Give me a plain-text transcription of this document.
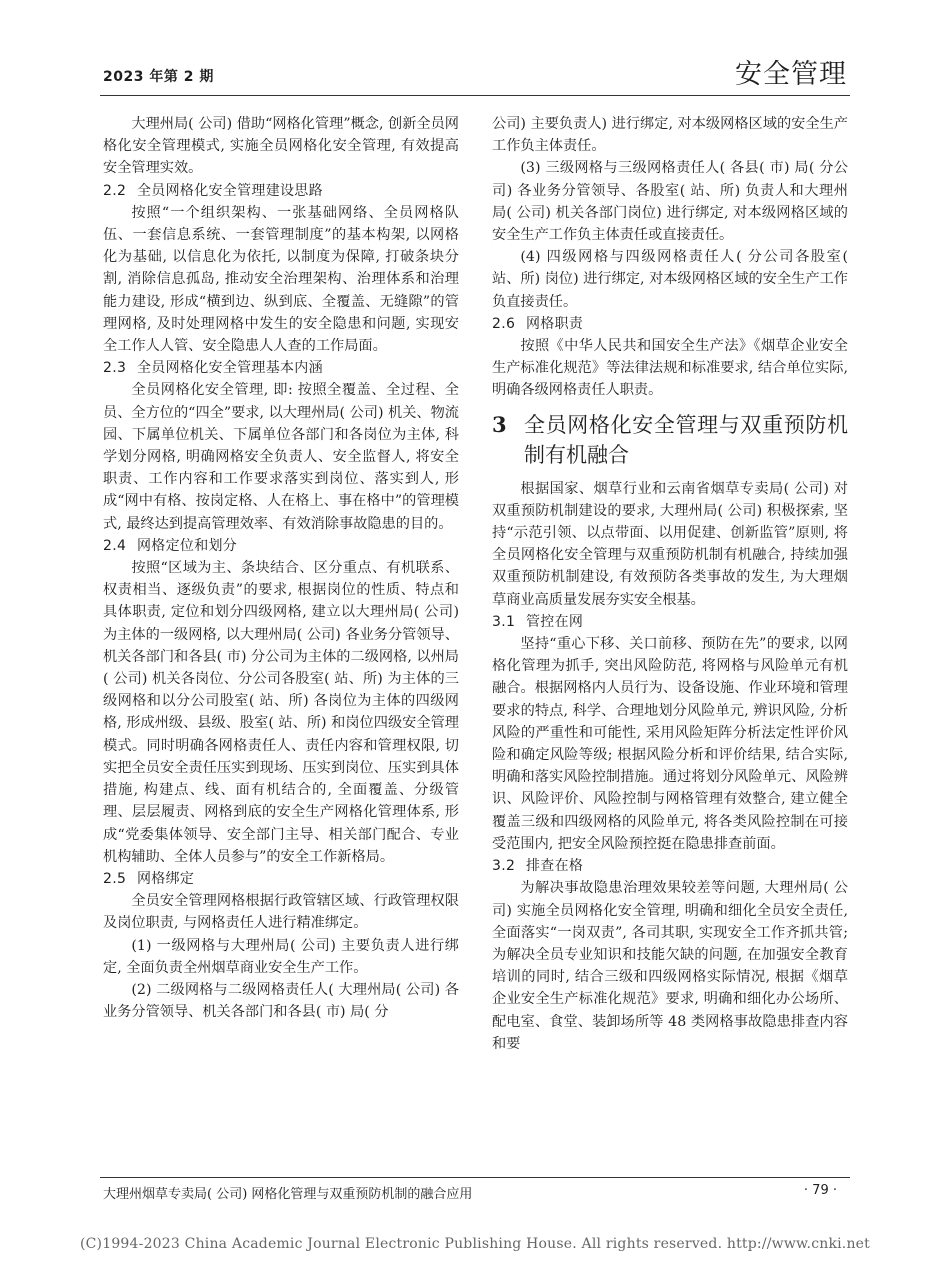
2023 年第 2 期	安全管理

大理州局( 公司) 借助“网格化管理”概念, 创新全员网格化安全管理模式, 实施全员网格化安全管理, 有效提高安全管理实效。

2.2 全员网格化安全管理建设思路

按照“一个组织架构、一张基础网络、全员网格队伍、一套信息系统、一套管理制度”的基本构架, 以网格化为基础, 以信息化为依托, 以制度为保障, 打破条块分割, 消除信息孤岛, 推动安全治理架构、治理体系和治理能力建设, 形成“横到边、纵到底、全覆盖、无缝隙”的管理网格, 及时处理网格中发生的安全隐患和问题, 实现安全工作人人管、安全隐患人人查的工作局面。

2.3 全员网格化安全管理基本内涵

全员网格化安全管理, 即: 按照全覆盖、全过程、全员、全方位的“四全”要求, 以大理州局( 公司) 机关、物流园、下属单位机关、下属单位各部门和各岗位为主体, 科学划分网格, 明确网格安全负责人、安全监督人, 将安全职责、工作内容和工作要求落实到岗位、落实到人, 形成“网中有格、按岗定格、人在格上、事在格中”的管理模式, 最终达到提高管理效率、有效消除事故隐患的目的。

2.4 网格定位和划分

按照“区域为主、条块结合、区分重点、有机联系、权责相当、逐级负责”的要求, 根据岗位的性质、特点和具体职责, 定位和划分四级网格, 建立以大理州局( 公司) 为主体的一级网格, 以大理州局( 公司) 各业务分管领导、机关各部门和各县( 市) 分公司为主体的二级网格, 以州局( 公司) 机关各岗位、分公司各股室( 站、所) 为主体的三级网格和以分公司股室( 站、所) 各岗位为主体的四级网格, 形成州级、县级、股室( 站、所) 和岗位四级安全管理模式。同时明确各网格责任人、责任内容和管理权限, 切实把全员安全责任压实到现场、压实到岗位、压实到具体措施, 构建点、线、面有机结合的, 全面覆盖、分级管理、层层履责、网格到底的安全生产网格化管理体系, 形成“党委集体领导、安全部门主导、相关部门配合、专业机构辅助、全体人员参与”的安全工作新格局。

2.5 网格绑定

全员安全管理网格根据行政管辖区域、行政管理权限及岗位职责, 与网格责任人进行精准绑定。

(1) 一级网格与大理州局( 公司) 主要负责人进行绑定, 全面负责全州烟草商业安全生产工作。

(2) 二级网格与二级网格责任人( 大理州局( 公司) 各业务分管领导、机关各部门和各县( 市) 局( 分

公司) 主要负责人) 进行绑定, 对本级网格区域的安全生产工作负主体责任。

(3) 三级网格与三级网格责任人( 各县( 市) 局( 分公司) 各业务分管领导、各股室( 站、所) 负责人和大理州局( 公司) 机关各部门岗位) 进行绑定, 对本级网格区域的安全生产工作负主体责任或直接责任。

(4) 四级网格与四级网格责任人( 分公司各股室( 站、所) 岗位) 进行绑定, 对本级网格区域的安全生产工作负直接责任。

2.6 网格职责

按照《中华人民共和国安全生产法》《烟草企业安全生产标准化规范》等法律法规和标准要求, 结合单位实际, 明确各级网格责任人职责。

3 全员网格化安全管理与双重预防机制有机融合

根据国家、烟草行业和云南省烟草专卖局( 公司) 对双重预防机制建设的要求, 大理州局( 公司) 积极探索, 坚持“示范引领、以点带面、以用促建、创新监管”原则, 将全员网格化安全管理与双重预防机制有机融合, 持续加强双重预防机制建设, 有效预防各类事故的发生, 为大理烟草商业高质量发展夯实安全根基。

3.1 管控在网

坚持“重心下移、关口前移、预防在先”的要求, 以网格化管理为抓手, 突出风险防范, 将网格与风险单元有机融合。根据网格内人员行为、设备设施、作业环境和管理要求的特点, 科学、合理地划分风险单元, 辨识风险, 分析风险的严重性和可能性, 采用风险矩阵分析法定性评价风险和确定风险等级; 根据风险分析和评价结果, 结合实际, 明确和落实风险控制措施。通过将划分风险单元、风险辨识、风险评价、风险控制与网格管理有效整合, 建立健全覆盖三级和四级网格的风险单元, 将各类风险控制在可接受范围内, 把安全风险预控挺在隐患排查前面。

3.2 排查在格

为解决事故隐患治理效果较差等问题, 大理州局( 公司) 实施全员网格化安全管理, 明确和细化全员安全责任, 全面落实“一岗双责”, 各司其职, 实现安全工作齐抓共管; 为解决全员专业知识和技能欠缺的问题, 在加强安全教育培训的同时, 结合三级和四级网格实际情况, 根据《烟草企业安全生产标准化规范》要求, 明确和细化办公场所、配电室、食堂、装卸场所等 48 类网格事故隐患排查内容和要

大理州烟草专卖局( 公司) 网格化管理与双重预防机制的融合应用	· 79 ·
(C)1994-2023 China Academic Journal Electronic Publishing House. All rights reserved. http://www.cnki.net
